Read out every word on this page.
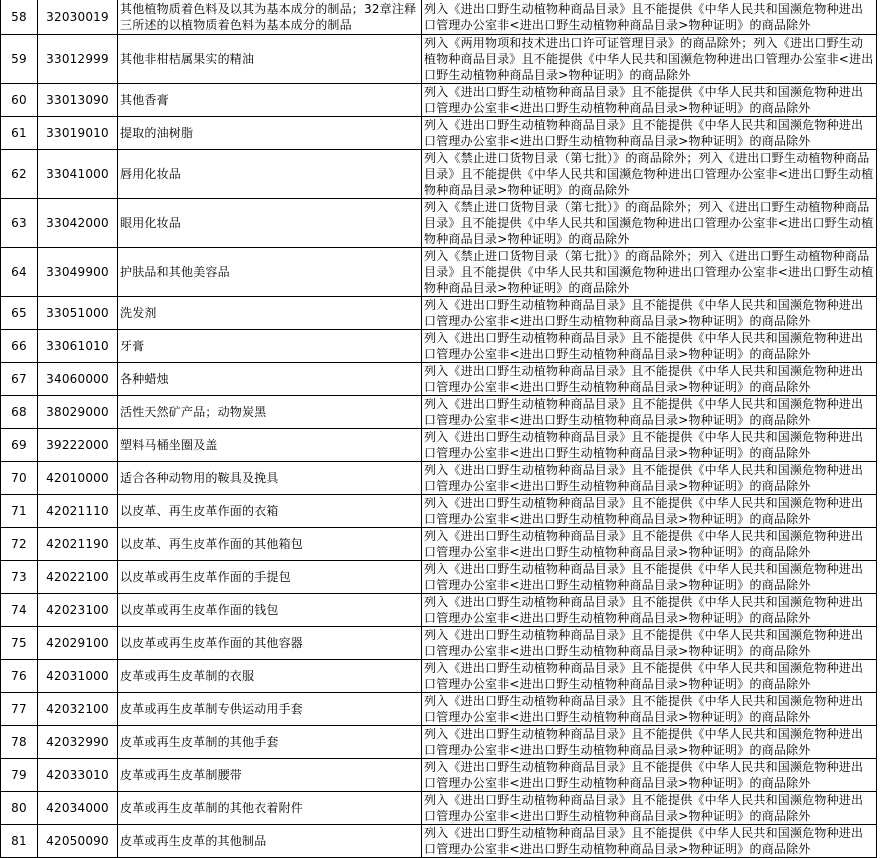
58	32030019	其他植物质着色料及以其为基本成分的制品；32章注释三所述的以植物质着色料为基本成分的制品	列入《进出口野生动植物种商品目录》且不能提供《中华人民共和国濒危物种进出口管理办公室非<进出口野生动植物种商品目录>物种证明》的商品除外
59	33012999	其他非柑桔属果实的精油	列入《两用物项和技术进出口许可证管理目录》的商品除外；列入《进出口野生动植物种商品目录》且不能提供《中华人民共和国濒危物种进出口管理办公室非<进出口野生动植物种商品目录>物种证明》的商品除外
60	33013090	其他香膏	列入《进出口野生动植物种商品目录》且不能提供《中华人民共和国濒危物种进出口管理办公室非<进出口野生动植物种商品目录>物种证明》的商品除外
61	33019010	提取的油树脂	列入《进出口野生动植物种商品目录》且不能提供《中华人民共和国濒危物种进出口管理办公室非<进出口野生动植物种商品目录>物种证明》的商品除外
62	33041000	唇用化妆品	列入《禁止进口货物目录（第七批）》的商品除外；列入《进出口野生动植物种商品目录》且不能提供《中华人民共和国濒危物种进出口管理办公室非<进出口野生动植物种商品目录>物种证明》的商品除外
63	33042000	眼用化妆品	列入《禁止进口货物目录（第七批）》的商品除外；列入《进出口野生动植物种商品目录》且不能提供《中华人民共和国濒危物种进出口管理办公室非<进出口野生动植物种商品目录>物种证明》的商品除外
64	33049900	护肤品和其他美容品	列入《禁止进口货物目录（第七批）》的商品除外；列入《进出口野生动植物种商品目录》且不能提供《中华人民共和国濒危物种进出口管理办公室非<进出口野生动植物种商品目录>物种证明》的商品除外
65	33051000	洗发剂	列入《进出口野生动植物种商品目录》且不能提供《中华人民共和国濒危物种进出口管理办公室非<进出口野生动植物种商品目录>物种证明》的商品除外
66	33061010	牙膏	列入《进出口野生动植物种商品目录》且不能提供《中华人民共和国濒危物种进出口管理办公室非<进出口野生动植物种商品目录>物种证明》的商品除外
67	34060000	各种蜡烛	列入《进出口野生动植物种商品目录》且不能提供《中华人民共和国濒危物种进出口管理办公室非<进出口野生动植物种商品目录>物种证明》的商品除外
68	38029000	活性天然矿产品；动物炭黑	列入《进出口野生动植物种商品目录》且不能提供《中华人民共和国濒危物种进出口管理办公室非<进出口野生动植物种商品目录>物种证明》的商品除外
69	39222000	塑料马桶坐圈及盖	列入《进出口野生动植物种商品目录》且不能提供《中华人民共和国濒危物种进出口管理办公室非<进出口野生动植物种商品目录>物种证明》的商品除外
70	42010000	适合各种动物用的鞍具及挽具	列入《进出口野生动植物种商品目录》且不能提供《中华人民共和国濒危物种进出口管理办公室非<进出口野生动植物种商品目录>物种证明》的商品除外
71	42021110	以皮革、再生皮革作面的衣箱	列入《进出口野生动植物种商品目录》且不能提供《中华人民共和国濒危物种进出口管理办公室非<进出口野生动植物种商品目录>物种证明》的商品除外
72	42021190	以皮革、再生皮革作面的其他箱包	列入《进出口野生动植物种商品目录》且不能提供《中华人民共和国濒危物种进出口管理办公室非<进出口野生动植物种商品目录>物种证明》的商品除外
73	42022100	以皮革或再生皮革作面的手提包	列入《进出口野生动植物种商品目录》且不能提供《中华人民共和国濒危物种进出口管理办公室非<进出口野生动植物种商品目录>物种证明》的商品除外
74	42023100	以皮革或再生皮革作面的钱包	列入《进出口野生动植物种商品目录》且不能提供《中华人民共和国濒危物种进出口管理办公室非<进出口野生动植物种商品目录>物种证明》的商品除外
75	42029100	以皮革或再生皮革作面的其他容器	列入《进出口野生动植物种商品目录》且不能提供《中华人民共和国濒危物种进出口管理办公室非<进出口野生动植物种商品目录>物种证明》的商品除外
76	42031000	皮革或再生皮革制的衣服	列入《进出口野生动植物种商品目录》且不能提供《中华人民共和国濒危物种进出口管理办公室非<进出口野生动植物种商品目录>物种证明》的商品除外
77	42032100	皮革或再生皮革制专供运动用手套	列入《进出口野生动植物种商品目录》且不能提供《中华人民共和国濒危物种进出口管理办公室非<进出口野生动植物种商品目录>物种证明》的商品除外
78	42032990	皮革或再生皮革制的其他手套	列入《进出口野生动植物种商品目录》且不能提供《中华人民共和国濒危物种进出口管理办公室非<进出口野生动植物种商品目录>物种证明》的商品除外
79	42033010	皮革或再生皮革制腰带	列入《进出口野生动植物种商品目录》且不能提供《中华人民共和国濒危物种进出口管理办公室非<进出口野生动植物种商品目录>物种证明》的商品除外
80	42034000	皮革或再生皮革制的其他衣着附件	列入《进出口野生动植物种商品目录》且不能提供《中华人民共和国濒危物种进出口管理办公室非<进出口野生动植物种商品目录>物种证明》的商品除外
81	42050090	皮革或再生皮革的其他制品	列入《进出口野生动植物种商品目录》且不能提供《中华人民共和国濒危物种进出口管理办公室非<进出口野生动植物种商品目录>物种证明》的商品除外
